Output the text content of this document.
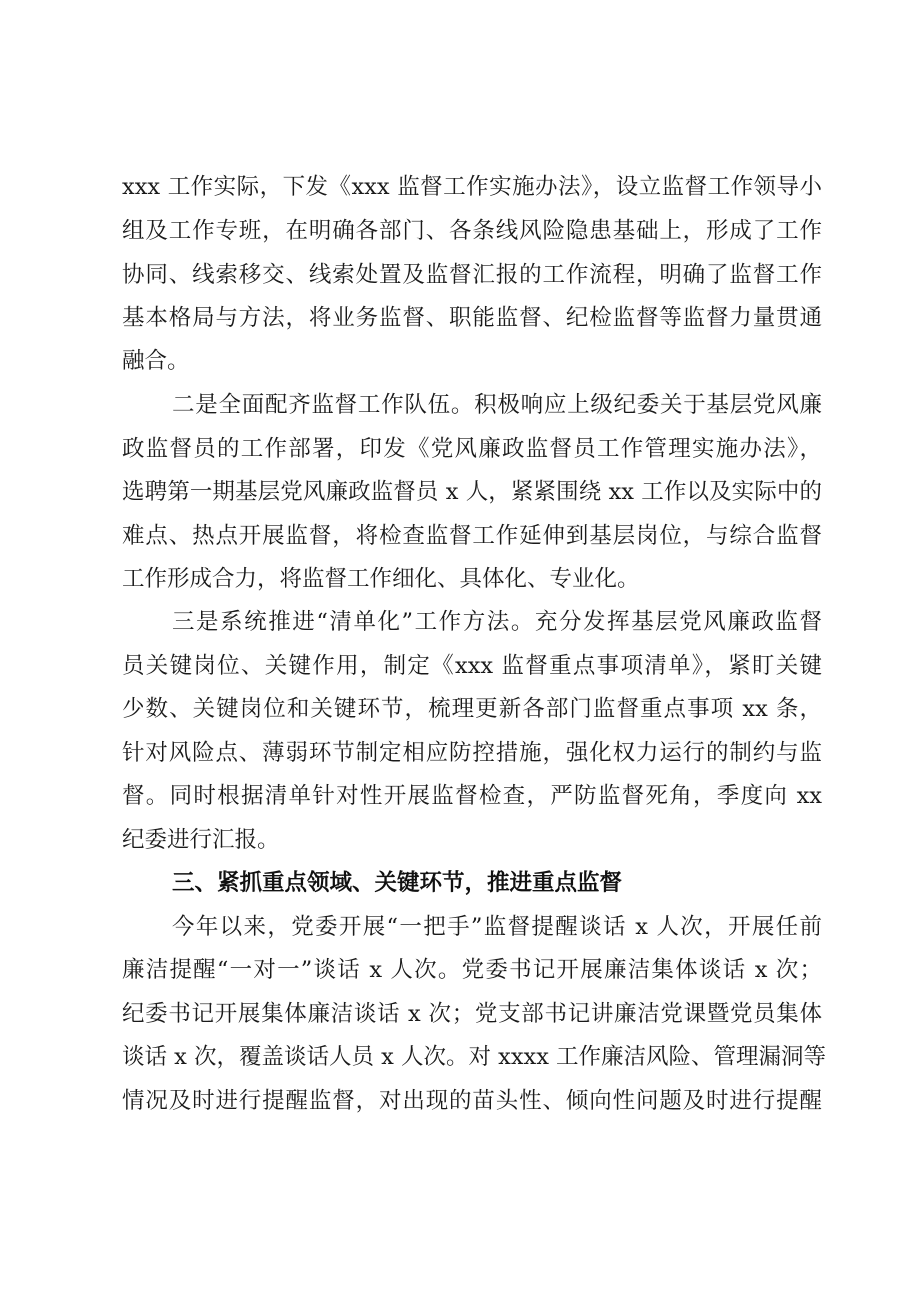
xxx 工作实际，下发《xxx 监督工作实施办法》，设立监督工作领导小
组及工作专班，在明确各部门、各条线风险隐患基础上，形成了工作
协同、线索移交、线索处置及监督汇报的工作流程，明确了监督工作
基本格局与方法，将业务监督、职能监督、纪检监督等监督力量贯通
融合。
二是全面配齐监督工作队伍。积极响应上级纪委关于基层党风廉
政监督员的工作部署，印发《党风廉政监督员工作管理实施办法》，
选聘第一期基层党风廉政监督员 x 人，紧紧围绕 xx 工作以及实际中的
难点、热点开展监督，将检查监督工作延伸到基层岗位，与综合监督
工作形成合力，将监督工作细化、具体化、专业化。
三是系统推进“清单化”工作方法。充分发挥基层党风廉政监督
员关键岗位、关键作用，制定《xxx 监督重点事项清单》，紧盯关键
少数、关键岗位和关键环节，梳理更新各部门监督重点事项 xx 条，
针对风险点、薄弱环节制定相应防控措施，强化权力运行的制约与监
督。同时根据清单针对性开展监督检查，严防监督死角，季度向 xx
纪委进行汇报。
三、紧抓重点领域、关键环节，推进重点监督
今年以来，党委开展“一把手”监督提醒谈话 x 人次，开展任前
廉洁提醒“一对一”谈话 x 人次。党委书记开展廉洁集体谈话 x 次；
纪委书记开展集体廉洁谈话 x 次；党支部书记讲廉洁党课暨党员集体
谈话 x 次，覆盖谈话人员 x 人次。对 xxxx 工作廉洁风险、管理漏洞等
情况及时进行提醒监督，对出现的苗头性、倾向性问题及时进行提醒
